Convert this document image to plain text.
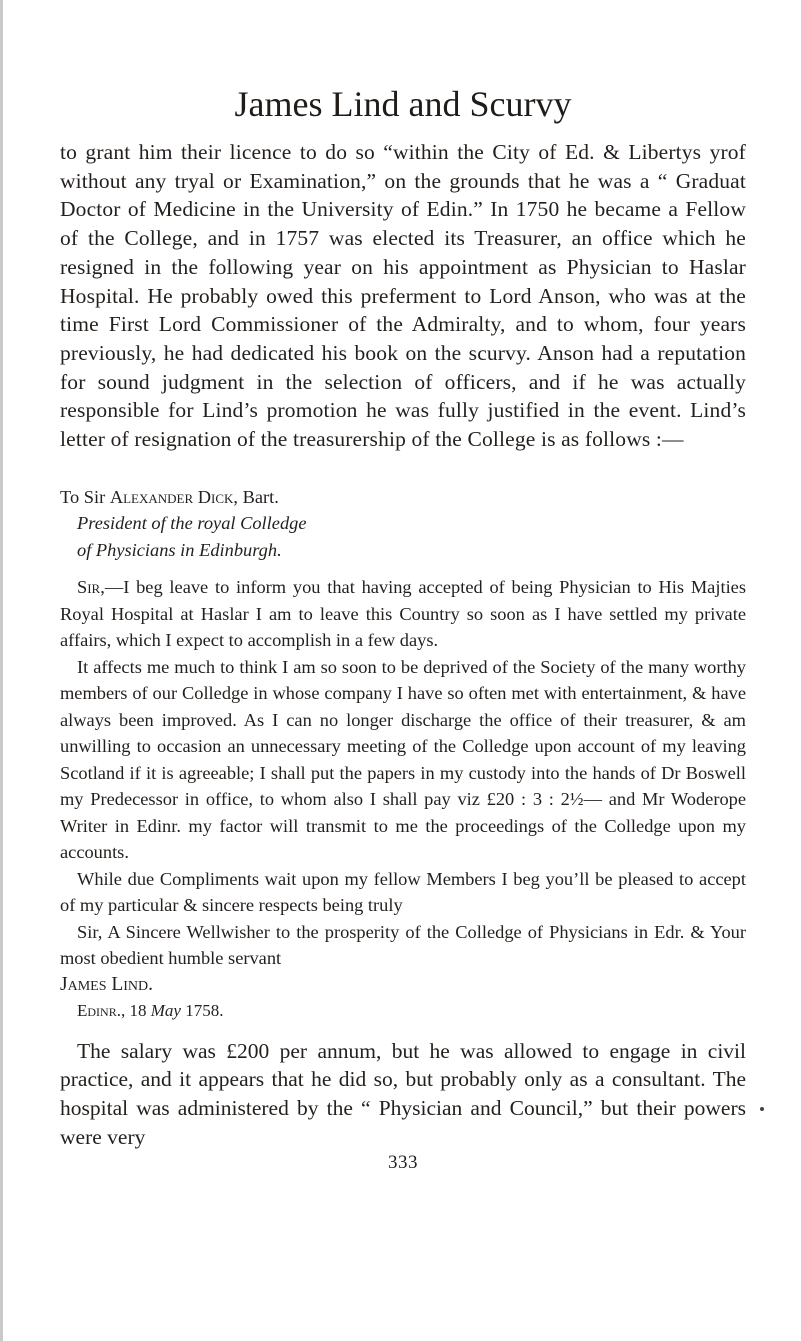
James Lind and Scurvy

to grant him their licence to do so “within the City of Ed. & Libertys yrof without any tryal or Examination,” on the grounds that he was a “ Graduat Doctor of Medicine in the University of Edin.” In 1750 he became a Fellow of the College, and in 1757 was elected its Treasurer, an office which he resigned in the following year on his appointment as Physician to Haslar Hospital. He probably owed this preferment to Lord Anson, who was at the time First Lord Commissioner of the Admiralty, and to whom, four years previously, he had dedicated his book on the scurvy. Anson had a reputation for sound judgment in the selection of officers, and if he was actually responsible for Lind’s promotion he was fully justified in the event. Lind’s letter of resignation of the treasurership of the College is as follows :—

To Sir Alexander Dick, Bart.

President of the royal Colledge

of Physicians in Edinburgh.

Sir,—I beg leave to inform you that having accepted of being Physician to His Majties Royal Hospital at Haslar I am to leave this Country so soon as I have settled my private affairs, which I expect to accomplish in a few days.

It affects me much to think I am so soon to be deprived of the Society of the many worthy members of our Colledge in whose company I have so often met with entertainment, & have always been improved. As I can no longer discharge the office of their treasurer, & am unwilling to occasion an unnecessary meeting of the Colledge upon account of my leaving Scotland if it is agreeable; I shall put the papers in my custody into the hands of Dr Boswell my Predecessor in office, to whom also I shall pay viz £20 : 3 : 2½— and Mr Woderope Writer in Edinr. my factor will transmit to me the proceedings of the Colledge upon my accounts.

While due Compliments wait upon my fellow Members I beg you’ll be pleased to accept of my particular & sincere respects being truly

Sir, A Sincere Wellwisher to the prosperity of the Colledge of Physicians in Edr. & Your most obedient humble servant

James Lind.

Edinr., 18 May 1758.

The salary was £200 per annum, but he was allowed to engage in civil practice, and it appears that he did so, but probably only as a consultant. The hospital was administered by the “ Physician and Council,” but their powers were very

333
